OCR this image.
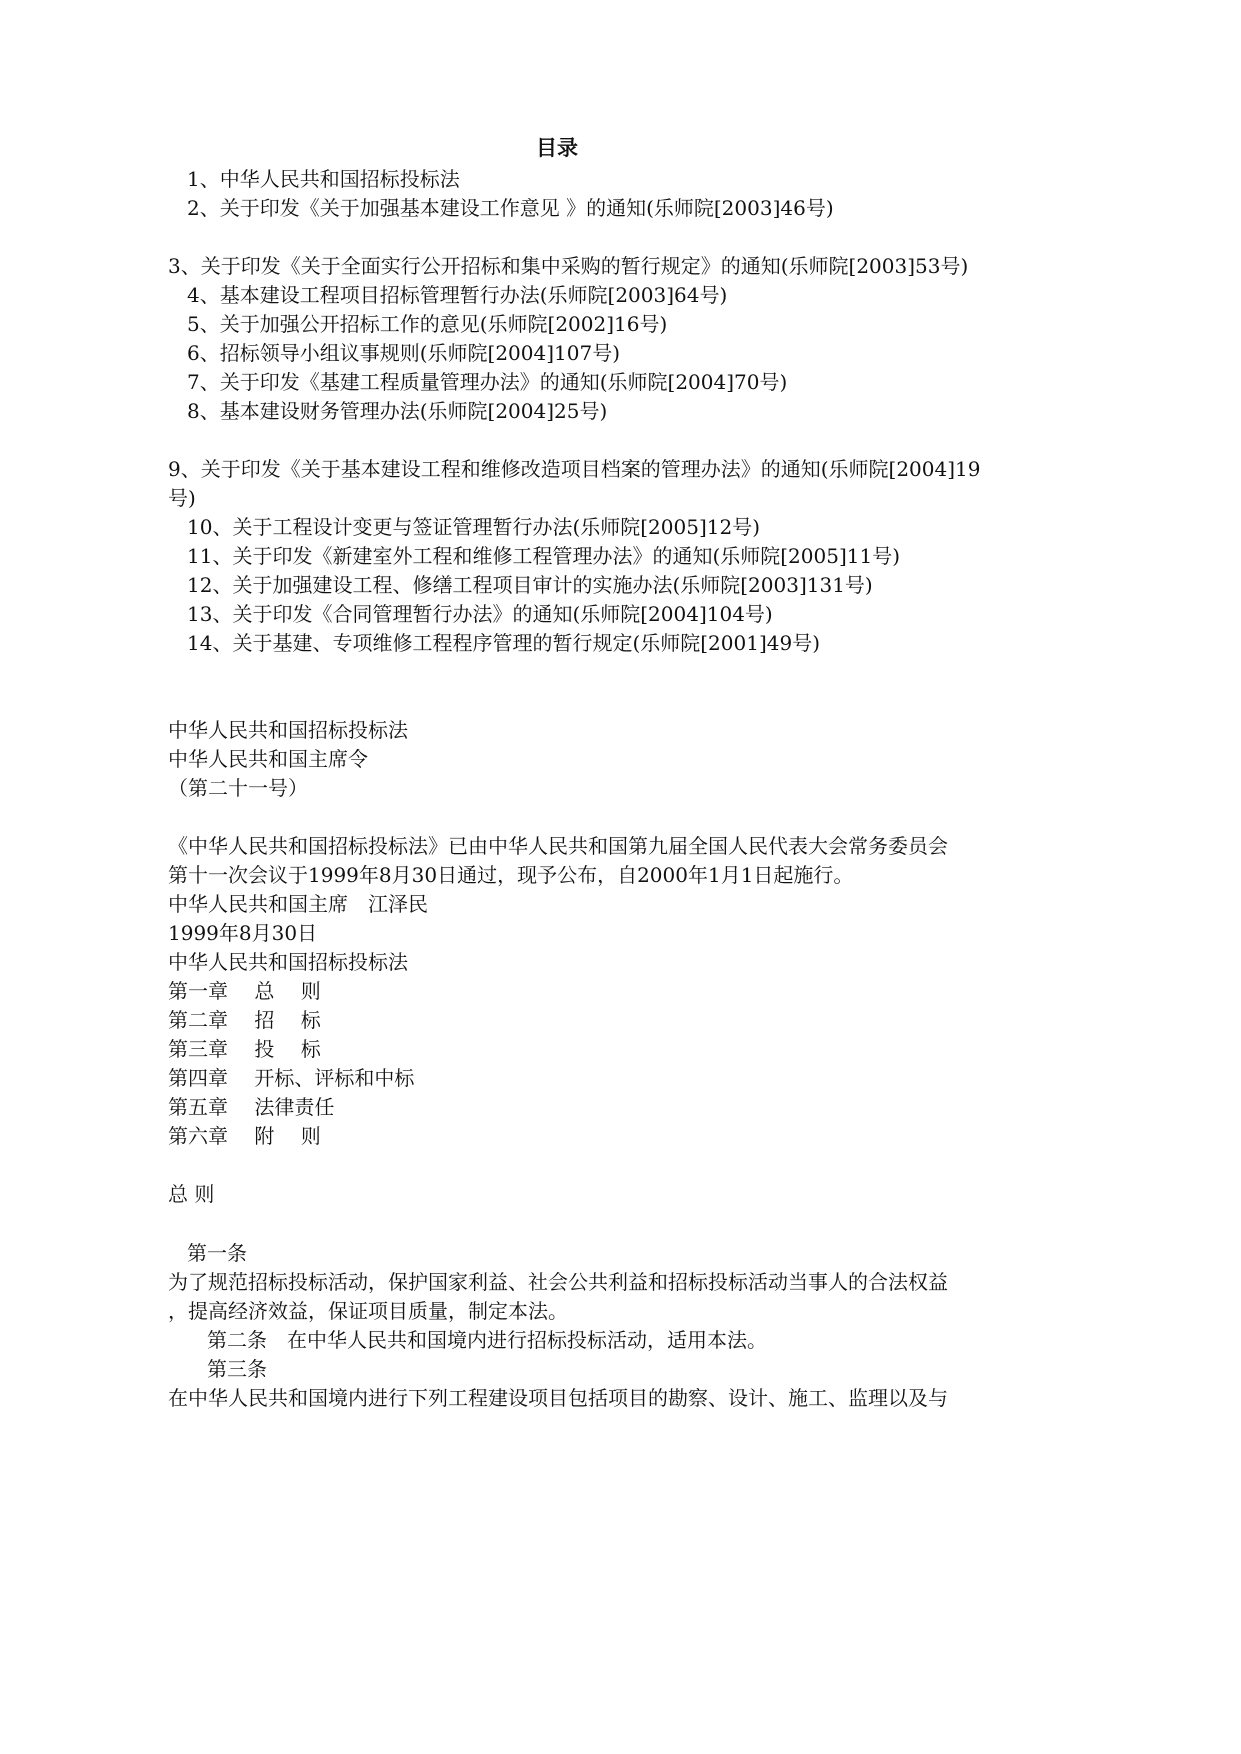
目录
1、中华人民共和国招标投标法
2、关于印发《关于加强基本建设工作意见 》的通知(乐师院[2003]46号)
3、关于印发《关于全面实行公开招标和集中采购的暂行规定》的通知(乐师院[2003]53号)
4、基本建设工程项目招标管理暂行办法(乐师院[2003]64号)
5、关于加强公开招标工作的意见(乐师院[2002]16号)
6、招标领导小组议事规则(乐师院[2004]107号)
7、关于印发《基建工程质量管理办法》的通知(乐师院[2004]70号)
8、基本建设财务管理办法(乐师院[2004]25号)
9、关于印发《关于基本建设工程和维修改造项目档案的管理办法》的通知(乐师院[2004]19
号)
10、关于工程设计变更与签证管理暂行办法(乐师院[2005]12号)
11、关于印发《新建室外工程和维修工程管理办法》的通知(乐师院[2005]11号)
12、关于加强建设工程、修缮工程项目审计的实施办法(乐师院[2003]131号)
13、关于印发《合同管理暂行办法》的通知(乐师院[2004]104号)
14、关于基建、专项维修工程程序管理的暂行规定(乐师院[2001]49号)
中华人民共和国招标投标法
中华人民共和国主席令
（第二十一号）
《中华人民共和国招标投标法》已由中华人民共和国第九届全国人民代表大会常务委员会
第十一次会议于1999年8月30日通过，现予公布，自2000年1月1日起施行。
中华人民共和国主席　江泽民
1999年8月30日
中华人民共和国招标投标法
第一章　 总　 则
第二章　 招　 标
第三章　 投　 标
第四章　 开标、评标和中标
第五章　 法律责任
第六章　 附　 则
总 则
第一条
为了规范招标投标活动，保护国家利益、社会公共利益和招标投标活动当事人的合法权益
，提高经济效益，保证项目质量，制定本法。
第二条　在中华人民共和国境内进行招标投标活动，适用本法。
第三条
在中华人民共和国境内进行下列工程建设项目包括项目的勘察、设计、施工、监理以及与
